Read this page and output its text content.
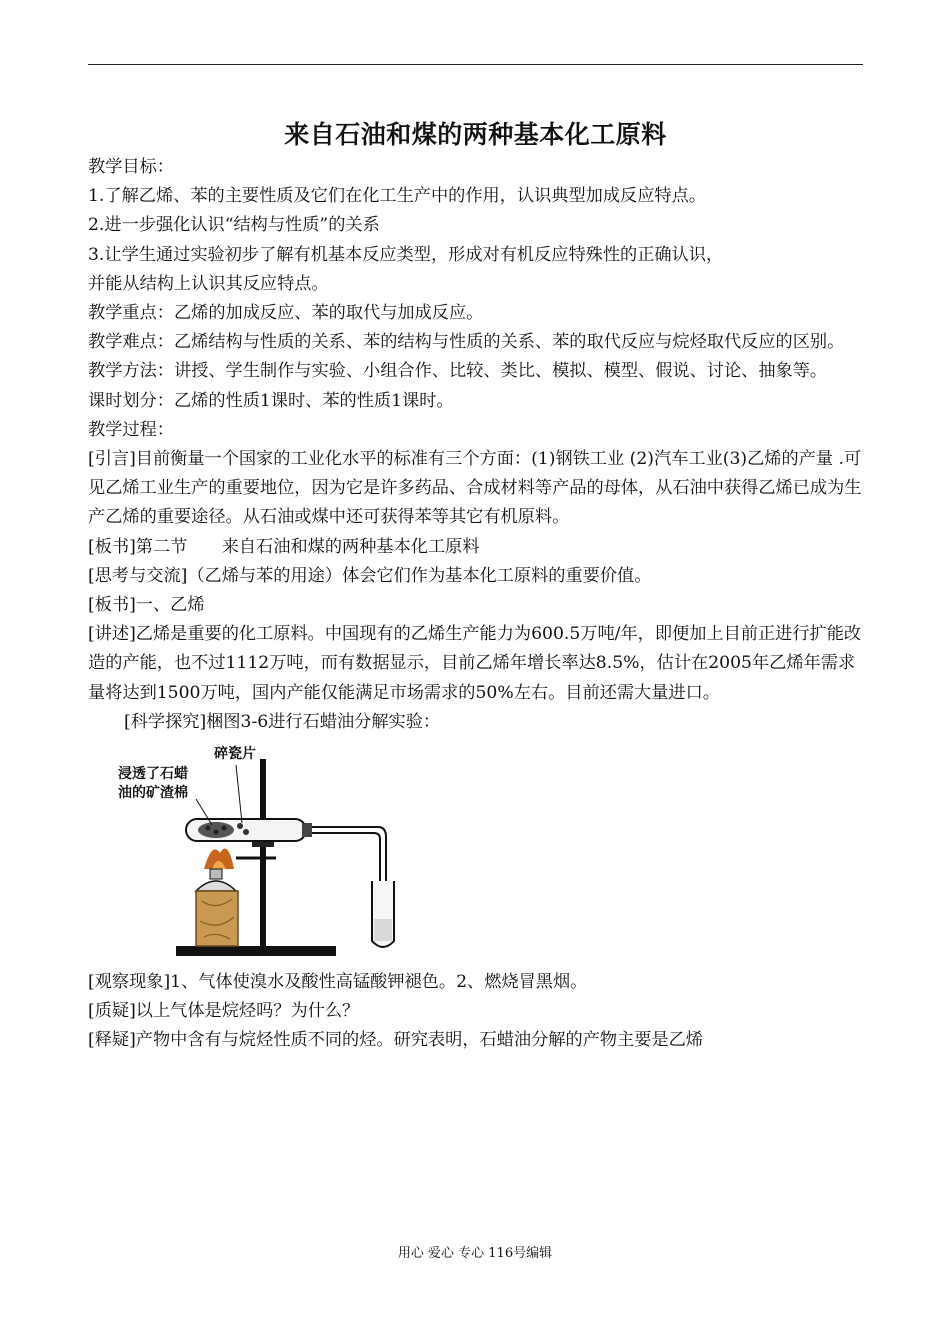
来自石油和煤的两种基本化工原料

教学目标：

1.了解乙烯、苯的主要性质及它们在化工生产中的作用，认识典型加成反应特点。

2.进一步强化认识“结构与性质”的关系

3.让学生通过实验初步了解有机基本反应类型，形成对有机反应特殊性的正确认识，

并能从结构上认识其反应特点。

教学重点：乙烯的加成反应、苯的取代与加成反应。

教学难点：乙烯结构与性质的关系、苯的结构与性质的关系、苯的取代反应与烷烃取代反应的区别。

教学方法：讲授、学生制作与实验、小组合作、比较、类比、模拟、模型、假说、讨论、抽象等。

课时划分：乙烯的性质1课时、苯的性质1课时。

教学过程：

[引言]目前衡量一个国家的工业化水平的标准有三个方面：(1)钢铁工业 (2)汽车工业(3)乙烯的产量 .可见乙烯工业生产的重要地位，因为它是许多药品、合成材料等产品的母体，从石油中获得乙烯已成为生产乙烯的重要途径。从石油或煤中还可获得苯等其它有机原料。

[板书]第二节　　来自石油和煤的两种基本化工原料

[思考与交流]（乙烯与苯的用途）体会它们作为基本化工原料的重要价值。

[板书]一、乙烯

[讲述]乙烯是重要的化工原料。中国现有的乙烯生产能力为600.5万吨/年，即便加上目前正进行扩能改造的产能，也不过1112万吨，而有数据显示，目前乙烯年增长率达8.5%，估计在2005年乙烯年需求量将达到1500万吨，国内产能仅能满足市场需求的50%左右。目前还需大量进口。

[科学探究]梱图3-6进行石蜡油分解实验：

碎瓷片
浸透了石蜡
油的矿渣棉

[观察现象]1、气体使溴水及酸性高锰酸钾褪色。2、燃烧冒黑烟。

[质疑]以上气体是烷烃吗？为什么？

[释疑]产物中含有与烷烃性质不同的烃。研究表明，石蜡油分解的产物主要是乙烯

用心 爱心 专心 116号编辑
